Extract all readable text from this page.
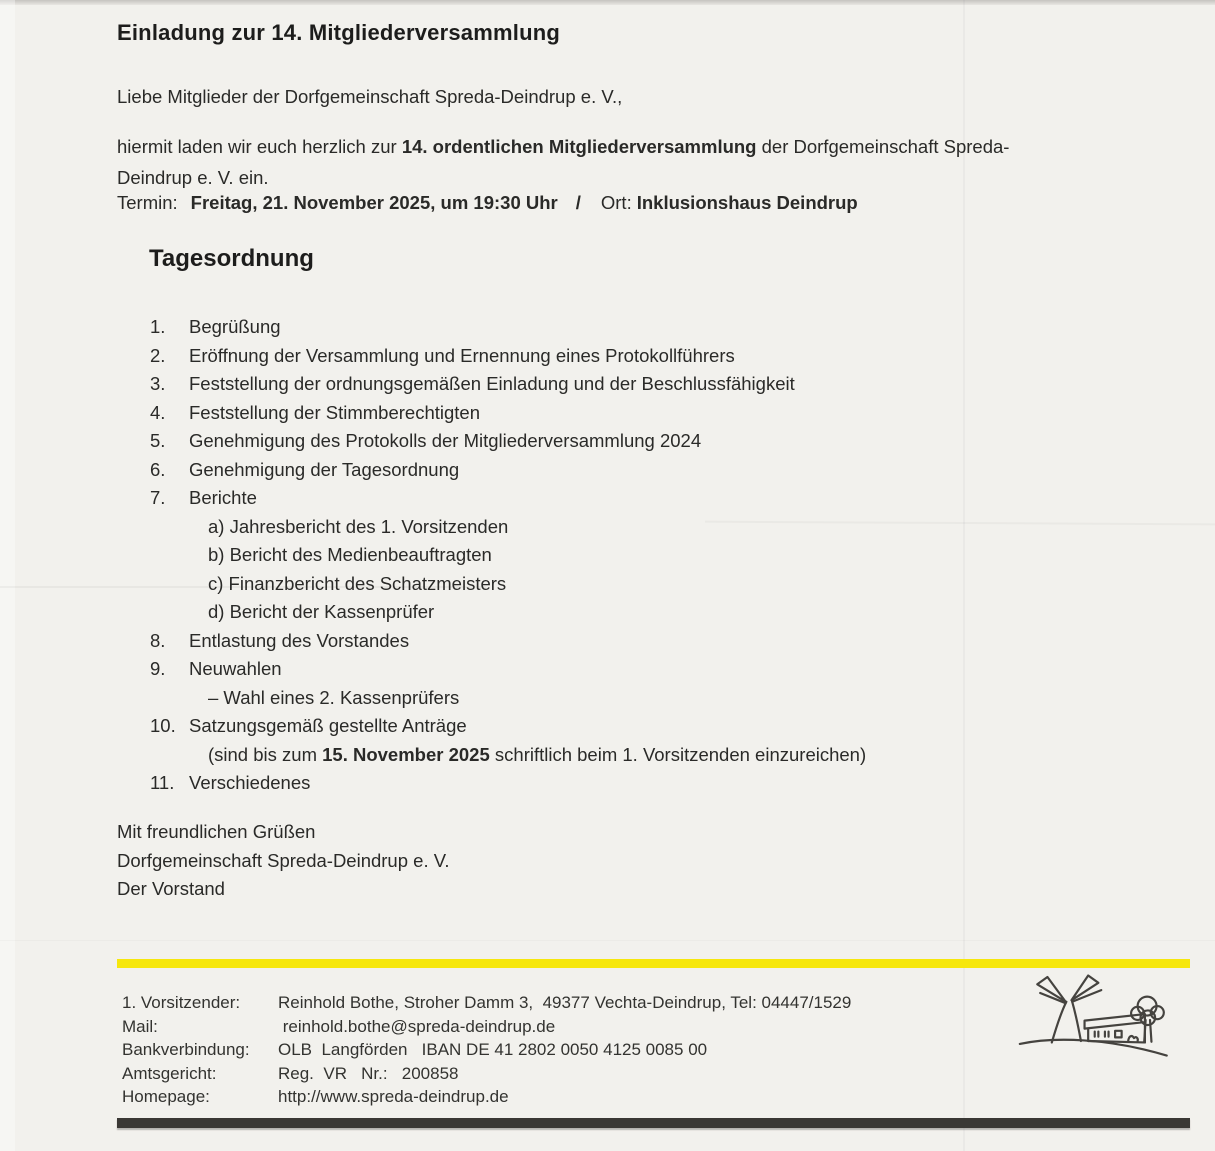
Einladung zur 14. Mitgliederversammlung
Liebe Mitglieder der Dorfgemeinschaft Spreda-Deindrup e. V.,
hiermit laden wir euch herzlich zur 14. ordentlichen Mitgliederversammlung der Dorfgemeinschaft Spreda-
Deindrup e. V. ein.
Termin: Freitag, 21. November 2025, um 19:30 Uhr / Ort: Inklusionshaus Deindrup
Tagesordnung
1.	Begrüßung
2.	Eröffnung der Versammlung und Ernennung eines Protokollführers
3.	Feststellung der ordnungsgemäßen Einladung und der Beschlussfähigkeit
4.	Feststellung der Stimmberechtigten
5.	Genehmigung des Protokolls der Mitgliederversammlung 2024
6.	Genehmigung der Tagesordnung
7.	Berichte
a) Jahresbericht des 1. Vorsitzenden
b) Bericht des Medienbeauftragten
c) Finanzbericht des Schatzmeisters
d) Bericht der Kassenprüfer
8.	Entlastung des Vorstandes
9.	Neuwahlen
– Wahl eines 2. Kassenprüfers
10. Satzungsgemäß gestellte Anträge
(sind bis zum 15. November 2025 schriftlich beim 1. Vorsitzenden einzureichen)
11. Verschiedenes
Mit freundlichen Grüßen
Dorfgemeinschaft Spreda-Deindrup e. V.
Der Vorstand
1. Vorsitzender:	Reinhold Bothe, Stroher Damm 3,  49377 Vechta-Deindrup, Tel: 04447/1529
Mail:	reinhold.bothe@spreda-deindrup.de
Bankverbindung:	OLB  Langförden   IBAN DE 41 2802 0050 4125 0085 00
Amtsgericht:	Reg.  VR   Nr.:   200858
Homepage:	http://www.spreda-deindrup.de
